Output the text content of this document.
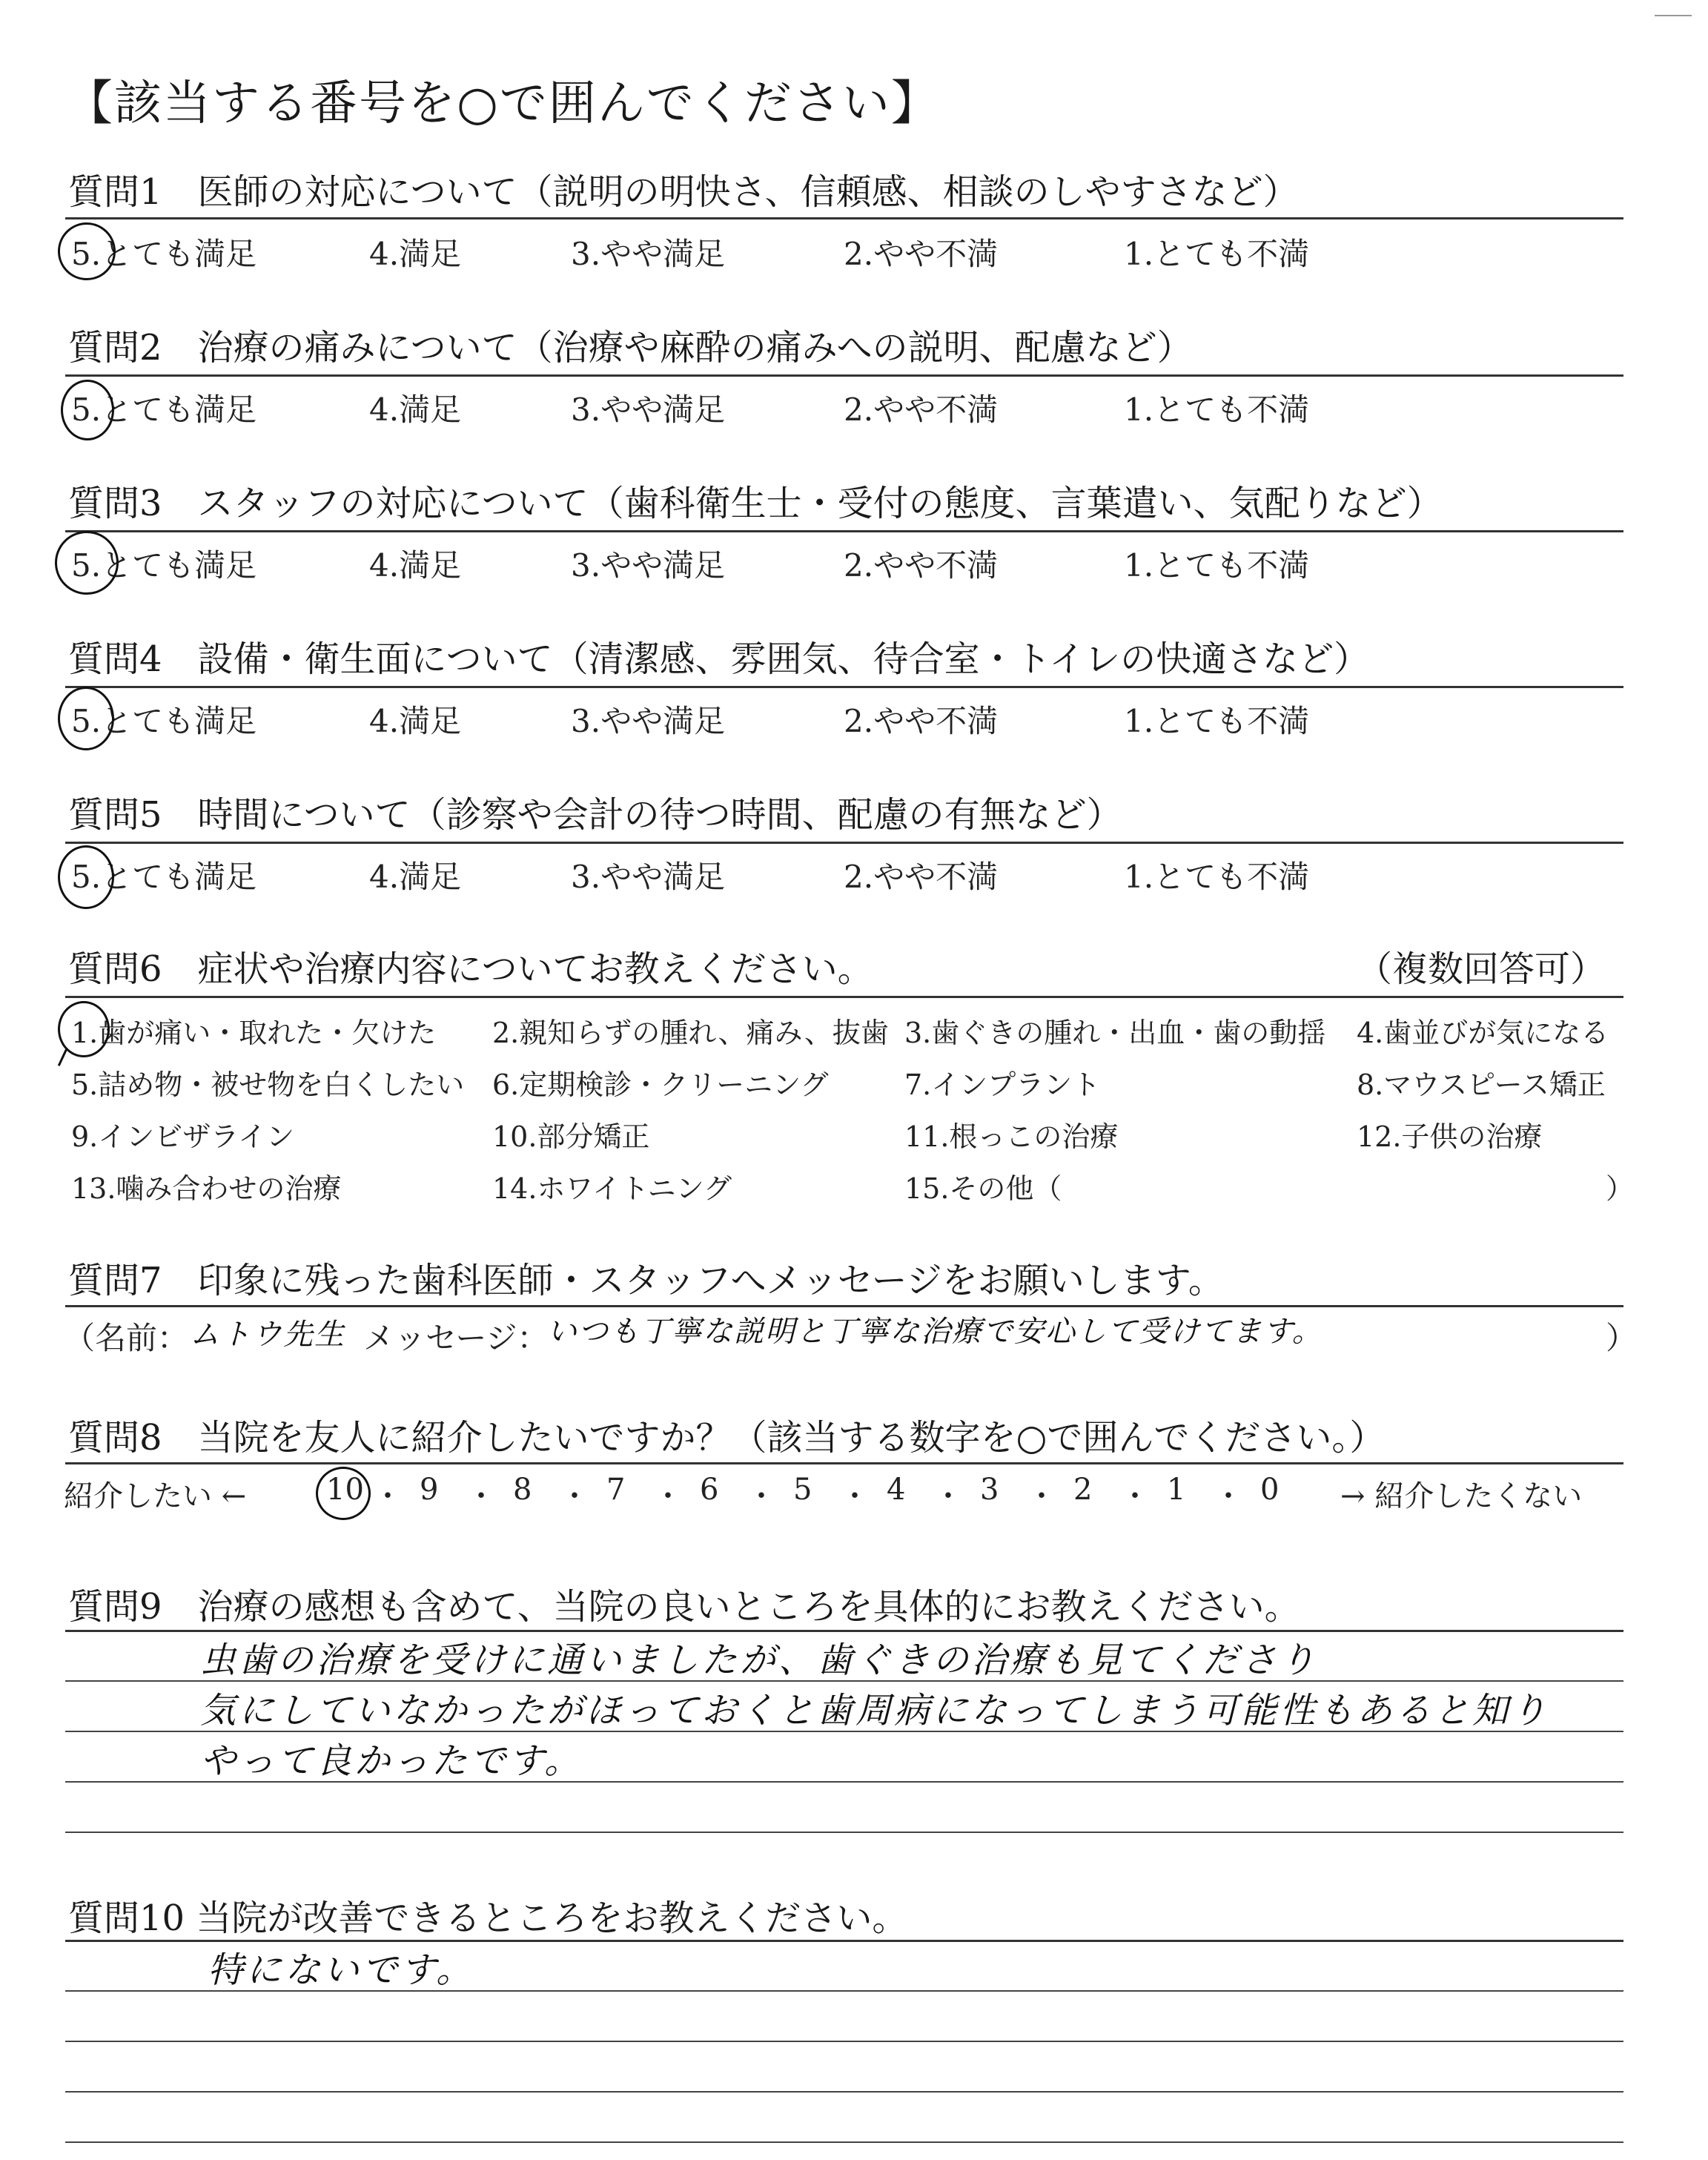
【該当する番号を○で囲んでください】
質問1　医師の対応について（説明の明快さ、信頼感、相談のしやすさなど）
5.とても満足	4.満足	3.やや満足	2.やや不満	1.とても不満
質問2　治療の痛みについて（治療や麻酔の痛みへの説明、配慮など）
5.とても満足	4.満足	3.やや満足	2.やや不満	1.とても不満
質問3　スタッフの対応について（歯科衛生士・受付の態度、言葉遣い、気配りなど）
5.とても満足	4.満足	3.やや満足	2.やや不満	1.とても不満
質問4　設備・衛生面について（清潔感、雰囲気、待合室・トイレの快適さなど）
5.とても満足	4.満足	3.やや満足	2.やや不満	1.とても不満
質問5　時間について（診察や会計の待つ時間、配慮の有無など）
5.とても満足	4.満足	3.やや満足	2.やや不満	1.とても不満
質問6　症状や治療内容についてお教えください。	（複数回答可）
1.歯が痛い・取れた・欠けた 2.親知らずの腫れ、痛み、抜歯 3.歯ぐきの腫れ・出血・歯の動揺 4.歯並びが気になる
5.詰め物・被せ物を白くしたい 6.定期検診・クリーニング	7.インプラント	8.マウスピース矯正
9.インビザライン	10.部分矯正	11.根っこの治療	12.子供の治療
13.噛み合わせの治療	14.ホワイトニング	15.その他（	）
質問7　印象に残った歯科医師・スタッフへメッセージをお願いします。
（名前： ムトウ先生 メッセージ：
いつも丁寧な説明と丁寧な治療で安心して受けてます。	）
質問8　当院を友人に紹介したいですか？（該当する数字を○で囲んでください。）
紹介したい ←	10 ・ 9 ・ 8 ・ 7 ・ 6 ・ 5 ・ 4 ・ 3 ・ 2 ・ 1 ・ 0 → 紹介したくない
質問9　治療の感想も含めて、当院の良いところを具体的にお教えください。
虫歯の治療を受けに通いましたが、歯ぐきの治療も見てくださり
気にしていなかったがほっておくと歯周病になってしまう可能性もあると知り
やって良かったです。
質問10 当院が改善できるところをお教えください。
特にないです。
